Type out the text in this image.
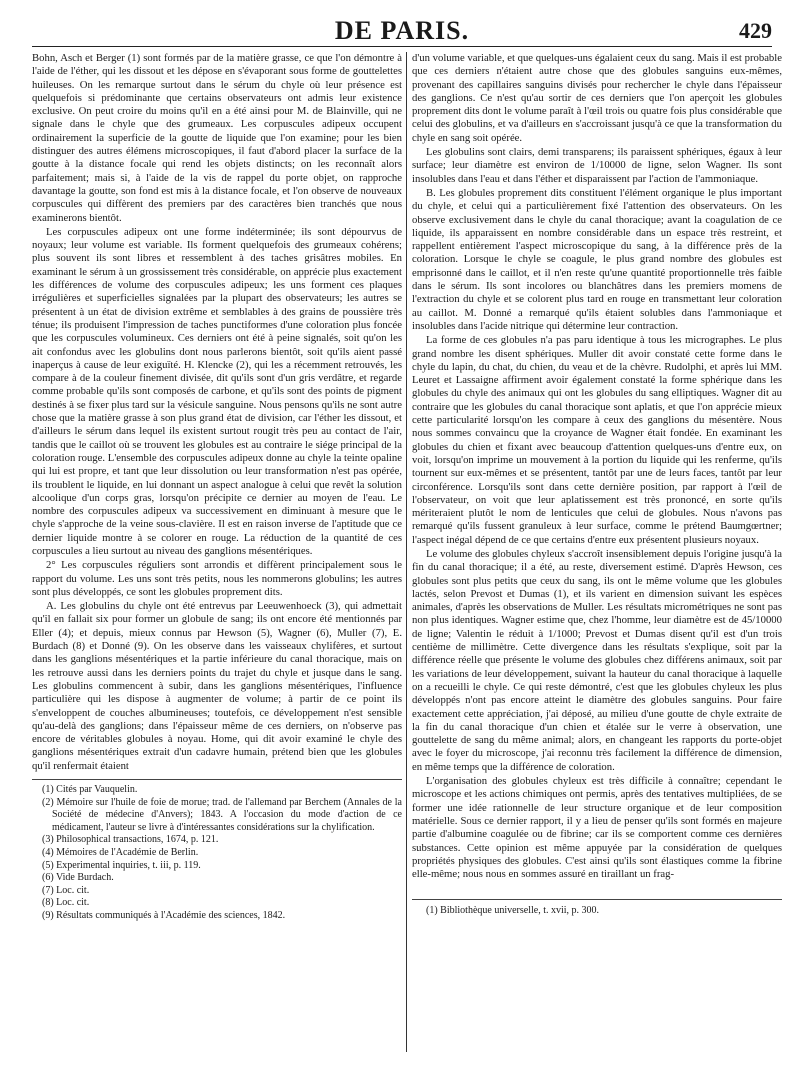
DE PARIS.	429

Bohn, Asch et Berger (1) sont formés par de la matière grasse, ce que l'on démontre à l'aide de l'éther, qui les dissout et les dépose en s'évaporant sous forme de gouttelettes huileuses. On les remarque surtout dans le sérum du chyle où leur présence est quelquefois si prédominante que certains observateurs ont admis leur existence exclusive. On peut croire du moins qu'il en a été ainsi pour M. de Blainville, qui ne signale dans le chyle que des grumeaux. Les corpuscules adipeux occupent ordinairement la superficie de la goutte de liquide que l'on examine; pour les bien distinguer des autres élémens microscopiques, il faut d'abord placer la surface de la goutte à la distance focale qui rend les objets distincts; on les reconnaît alors parfaitement; mais si, à l'aide de la vis de rappel du porte objet, on rapproche davantage la goutte, son fond est mis à la distance focale, et l'on observe de nouveaux corpuscules qui diffèrent des premiers par des caractères bien tranchés que nous examinerons bientôt.

Les corpuscules adipeux ont une forme indéterminée; ils sont dépourvus de noyaux; leur volume est variable. Ils forment quelquefois des grumeaux cohérens; plus souvent ils sont libres et ressemblent à des taches grisâtres mobiles. En examinant le sérum à un grossissement très considérable, on apprécie plus exactement les différences de volume des corpuscules adipeux; les uns forment ces plaques irrégulières et superficielles signalées par la plupart des observateurs; les autres se présentent à un état de division extrême et semblables à des grains de poussière très ténue; ils produisent l'impression de taches punctiformes d'une coloration plus foncée que les corpuscules volumineux. Ces derniers ont été à peine signalés, soit qu'on les ait confondus avec les globulins dont nous parlerons bientôt, soit qu'ils aient passé inaperçus à cause de leur exiguïté. H. Klencke (2), qui les a récemment retrouvés, les compare à de la couleur finement divisée, dit qu'ils sont d'un gris verdâtre, et regarde comme probable qu'ils sont composés de carbone, et qu'ils sont des points de pigment destinés à se fixer plus tard sur la vésicule sanguine. Nous pensons qu'ils ne sont autre chose que la matière grasse à son plus grand état de division, car l'éther les dissout, et d'ailleurs le sérum dans lequel ils existent surtout rougit très peu au contact de l'air, tandis que le caillot où se trouvent les globules est au contraire le siége principal de la coloration rouge. L'ensemble des corpuscules adipeux donne au chyle la teinte opaline qui lui est propre, et tant que leur dissolution ou leur transformation n'est pas opérée, ils troublent le liquide, en lui donnant un aspect analogue à celui que revêt la solution alcoolique d'un corps gras, lorsqu'on précipite ce dernier au moyen de l'eau. Le nombre des corpuscules adipeux va successivement en diminuant à mesure que le chyle s'approche de la veine sous-clavière. Il est en raison inverse de l'aptitude que ce dernier liquide montre à se colorer en rouge. La réduction de la quantité de ces corpuscules a lieu surtout au niveau des ganglions mésentériques.

2° Les corpuscules réguliers sont arrondis et diffèrent principalement sous le rapport du volume. Les uns sont très petits, nous les nommerons globulins; les autres sont plus développés, ce sont les globules proprement dits.

A. Les globulins du chyle ont été entrevus par Leeuwenhoeck (3), qui admettait qu'il en fallait six pour former un globule de sang; ils ont encore été mentionnés par Eller (4); et depuis, mieux connus par Hewson (5), Wagner (6), Muller (7), E. Burdach (8) et Donné (9). On les observe dans les vaisseaux chylifères, et surtout dans les ganglions mésentériques et la partie inférieure du canal thoracique, mais on les retrouve aussi dans les derniers points du trajet du chyle et jusque dans le sang. Les globulins commencent à subir, dans les ganglions mésentériques, l'influence particulière qui les dispose à augmenter de volume; à partir de ce point ils s'enveloppent de couches albumineuses; toutefois, ce développement n'est sensible qu'au-delà des ganglions; dans l'épaisseur même de ces derniers, on n'observe pas encore de véritables globules à noyau. Home, qui dit avoir examiné le chyle des ganglions mésentériques extrait d'un cadavre humain, prétend bien que les globules qu'il renfermait étaient

(1) Cités par Vauquelin.
(2) Mémoire sur l'huile de foie de morue; trad. de l'allemand par Berchem (Annales de la Société de médecine d'Anvers); 1843. A l'occasion du mode d'action de ce médicament, l'auteur se livre à d'intéressantes considérations sur la chylification.
(3) Philosophical transactions, 1674, p. 121.
(4) Mémoires de l'Académie de Berlin.
(5) Experimental inquiries, t. iii, p. 119.
(6) Vide Burdach.
(7) Loc. cit.
(8) Loc. cit.
(9) Résultats communiqués à l'Académie des sciences, 1842.

d'un volume variable, et que quelques-uns égalaient ceux du sang. Mais il est probable que ces derniers n'étaient autre chose que des globules sanguins eux-mêmes, provenant des capillaires sanguins divisés pour rechercher le chyle dans l'épaisseur des ganglions. Ce n'est qu'au sortir de ces derniers que l'on aperçoit les globules proprement dits dont le volume paraît à l'œil trois ou quatre fois plus considérable que celui des globulins, et va d'ailleurs en s'accroissant jusqu'à ce que la transformation du chyle en sang soit opérée.

Les globulins sont clairs, demi transparens; ils paraissent sphériques, égaux à leur surface; leur diamètre est environ de 1/10000 de ligne, selon Wagner. Ils sont insolubles dans l'eau et dans l'éther et disparaissent par l'action de l'ammoniaque.

B. Les globules proprement dits constituent l'élément organique le plus important du chyle, et celui qui a particulièrement fixé l'attention des observateurs. On les observe exclusivement dans le chyle du canal thoracique; avant la coagulation de ce liquide, ils apparaissent en nombre considérable dans un espace très restreint, et rappellent entièrement l'aspect microscopique du sang, à la différence près de la coloration. Lorsque le chyle se coagule, le plus grand nombre des globules est emprisonné dans le caillot, et il n'en reste qu'une quantité proportionnelle très faible dans le sérum. Ils sont incolores ou blanchâtres dans les premiers momens de l'extraction du chyle et se colorent plus tard en rouge en transmettant leur coloration au caillot. M. Donné a remarqué qu'ils étaient solubles dans l'ammoniaque et insolubles dans l'acide nitrique qui détermine leur contraction.

La forme de ces globules n'a pas paru identique à tous les micrographes. Le plus grand nombre les disent sphériques. Muller dit avoir constaté cette forme dans le chyle du lapin, du chat, du chien, du veau et de la chèvre. Rudolphi, et après lui MM. Leuret et Lassaigne affirment avoir également constaté la forme sphérique dans les globules du chyle des animaux qui ont les globules du sang elliptiques. Wagner dit au contraire que les globules du canal thoracique sont aplatis, et que l'on apprécie mieux cette particularité lorsqu'on les compare à ceux des ganglions du mésentère. Nous nous sommes convaincu que la croyance de Wagner était fondée. En examinant les globules du chien et fixant avec beaucoup d'attention quelques-uns d'entre eux, on voit, lorsqu'on imprime un mouvement à la portion du liquide qui les renferme, qu'ils tournent sur eux-mêmes et se présentent, tantôt par une de leurs faces, tantôt par leur circonférence. Lorsqu'ils sont dans cette dernière position, par rapport à l'œil de l'observateur, on voit que leur aplatissement est très prononcé, en sorte qu'ils mériteraient plutôt le nom de lenticules que celui de globules. Nous n'avons pas remarqué qu'ils fussent granuleux à leur surface, comme le prétend Baumgœrtner; l'aspect inégal dépend de ce que certains d'entre eux présentent plusieurs noyaux.

Le volume des globules chyleux s'accroît insensiblement depuis l'origine jusqu'à la fin du canal thoracique; il a été, au reste, diversement estimé. D'après Hewson, ces globules sont plus petits que ceux du sang, ils ont le même volume que les globules lactés, selon Prevost et Dumas (1), et ils varient en dimension suivant les espèces animales, d'après les observations de Muller. Les résultats micrométriques ne sont pas non plus identiques. Wagner estime que, chez l'homme, leur diamètre est de 45/10000 de ligne; Valentin le réduit à 1/1000; Prevost et Dumas disent qu'il est d'un trois centième de millimètre. Cette divergence dans les résultats s'explique, soit par la différence réelle que présente le volume des globules chez différens animaux, soit par les variations de leur développement, suivant la hauteur du canal thoracique à laquelle on a recueilli le chyle. Ce qui reste démontré, c'est que les globules chyleux les plus développés n'ont pas encore atteint le diamètre des globules sanguins. Pour faire exactement cette appréciation, j'ai déposé, au milieu d'une goutte de chyle extraite de la fin du canal thoracique d'un chien et étalée sur le verre à observation, une gouttelette de sang du même animal; alors, en changeant les rapports du porte-objet avec le foyer du microscope, j'ai reconnu très facilement la différence de dimension, en même temps que la différence de coloration.

L'organisation des globules chyleux est très difficile à connaître; cependant le microscope et les actions chimiques ont permis, après des tentatives multipliées, de se former une idée rationnelle de leur structure organique et de leur composition matérielle. Sous ce dernier rapport, il y a lieu de penser qu'ils sont formés en majeure partie d'albumine coagulée ou de fibrine; car ils se comportent comme ces dernières substances. Cette opinion est même appuyée par la considération de quelques propriétés physiques des globules. C'est ainsi qu'ils sont élastiques comme la fibrine elle-même; nous nous en sommes assuré en tiraillant un frag-

(1) Bibliothèque universelle, t. xvii, p. 300.
